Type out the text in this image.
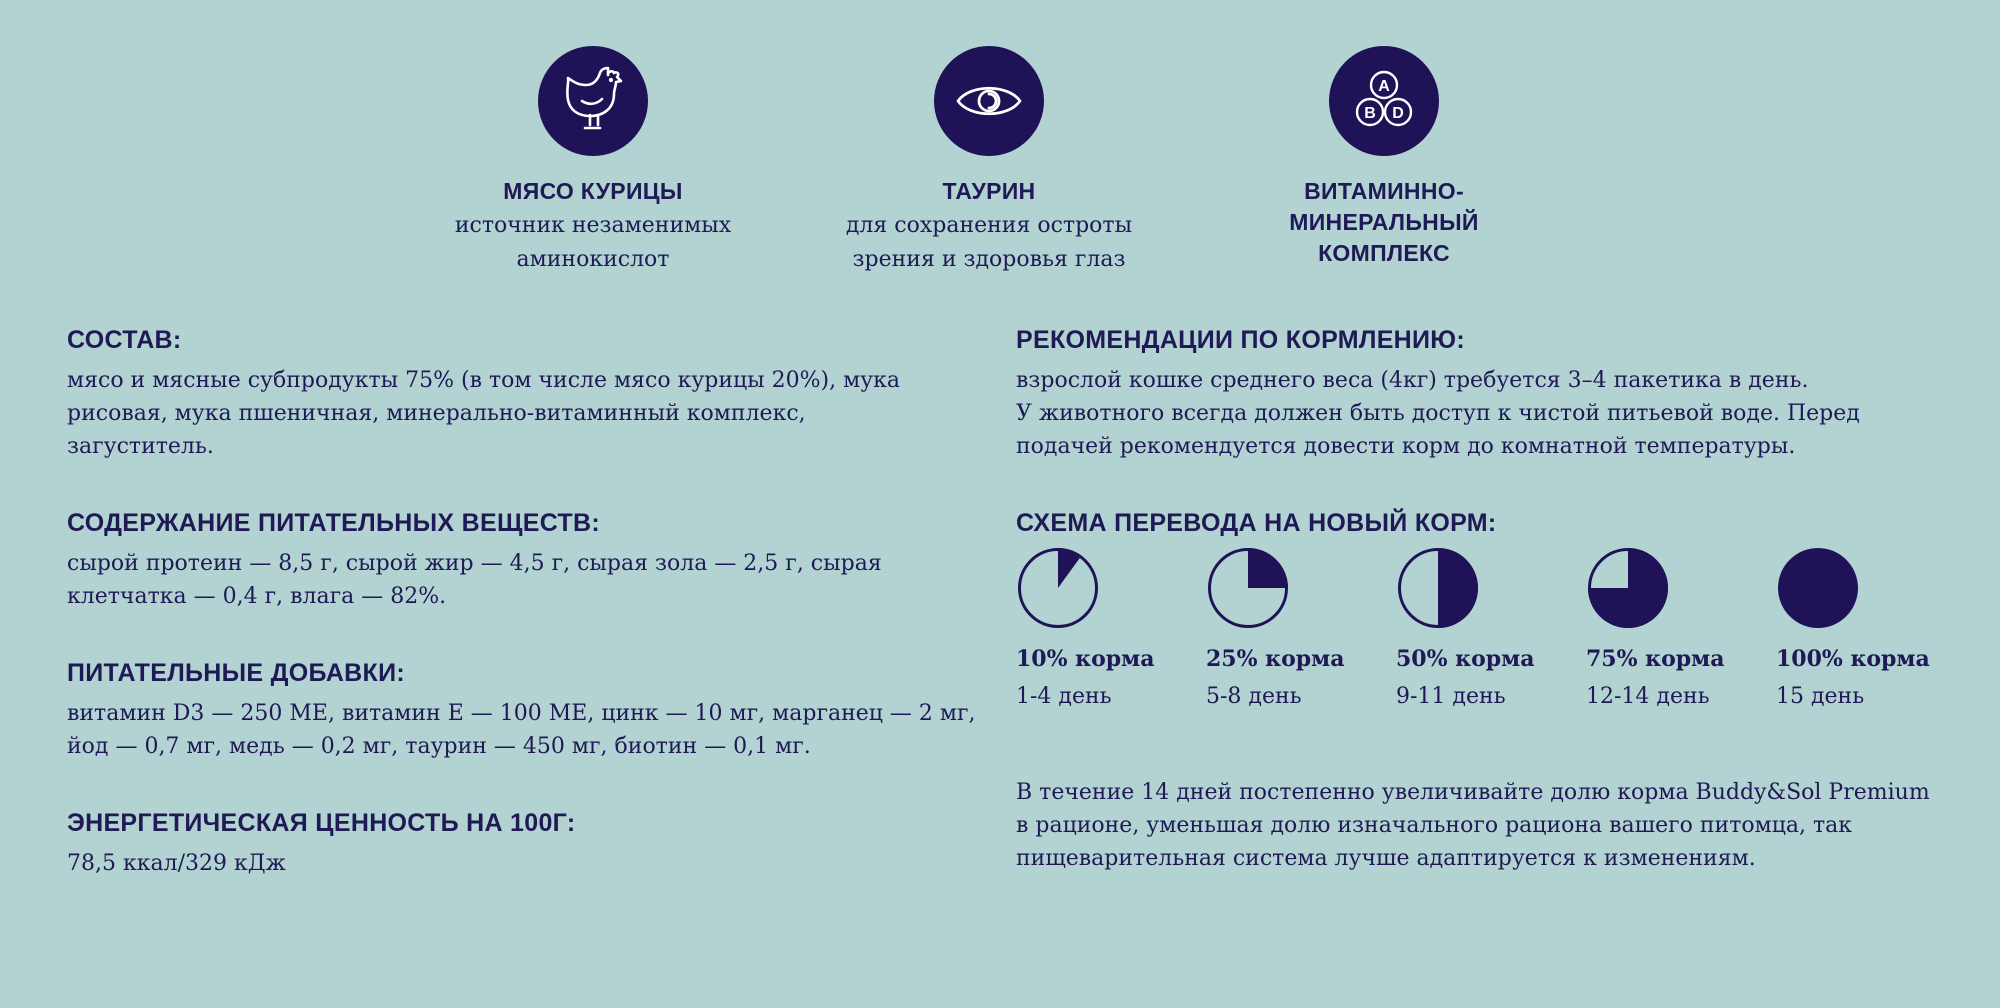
МЯСО КУРИЦЫ
источник незаменимых
аминокислот
ТАУРИН
для сохранения остроты
зрения и здоровья глаз
A
B D
ВИТАМИННО-
МИНЕРАЛЬНЫЙ
КОМПЛЕКС
СОСТАВ:

мясо и мясные субпродукты 75% (в том числе мясо курицы 20%), мука
рисовая, мука пшеничная, минерально-витаминный комплекс,
загуститель.

СОДЕРЖАНИЕ ПИТАТЕЛЬНЫХ ВЕЩЕСТВ:

сырой протеин — 8,5 г, сырой жир — 4,5 г, сырая зола — 2,5 г, сырая
клетчатка — 0,4 г, влага — 82%.

ПИТАТЕЛЬНЫЕ ДОБАВКИ:

витамин D3 — 250 МЕ, витамин Е — 100 МЕ, цинк — 10 мг, марганец — 2 мг,
йод — 0,7 мг, медь — 0,2 мг, таурин — 450 мг, биотин — 0,1 мг.

ЭНЕРГЕТИЧЕСКАЯ ЦЕННОСТЬ НА 100Г:

78,5 ккал/329 кДж

РЕКОМЕНДАЦИИ ПО КОРМЛЕНИЮ:

взрослой кошке среднего веса (4кг) требуется 3–4 пакетика в день.
У животного всегда должен быть доступ к чистой питьевой воде. Перед
подачей рекомендуется довести корм до комнатной температуры.

СХЕМА ПЕРЕВОДА НА НОВЫЙ КОРМ:
10% корма
1-4 день
25% корма
5-8 день
50% корма
9-11 день
75% корма
12-14 день
100% корма
15 день

В течение 14 дней постепенно увеличивайте долю корма Buddy&Sol Premium
в рационе, уменьшая долю изначального рациона вашего питомца, так
пищеварительная система лучше адаптируется к изменениям.
